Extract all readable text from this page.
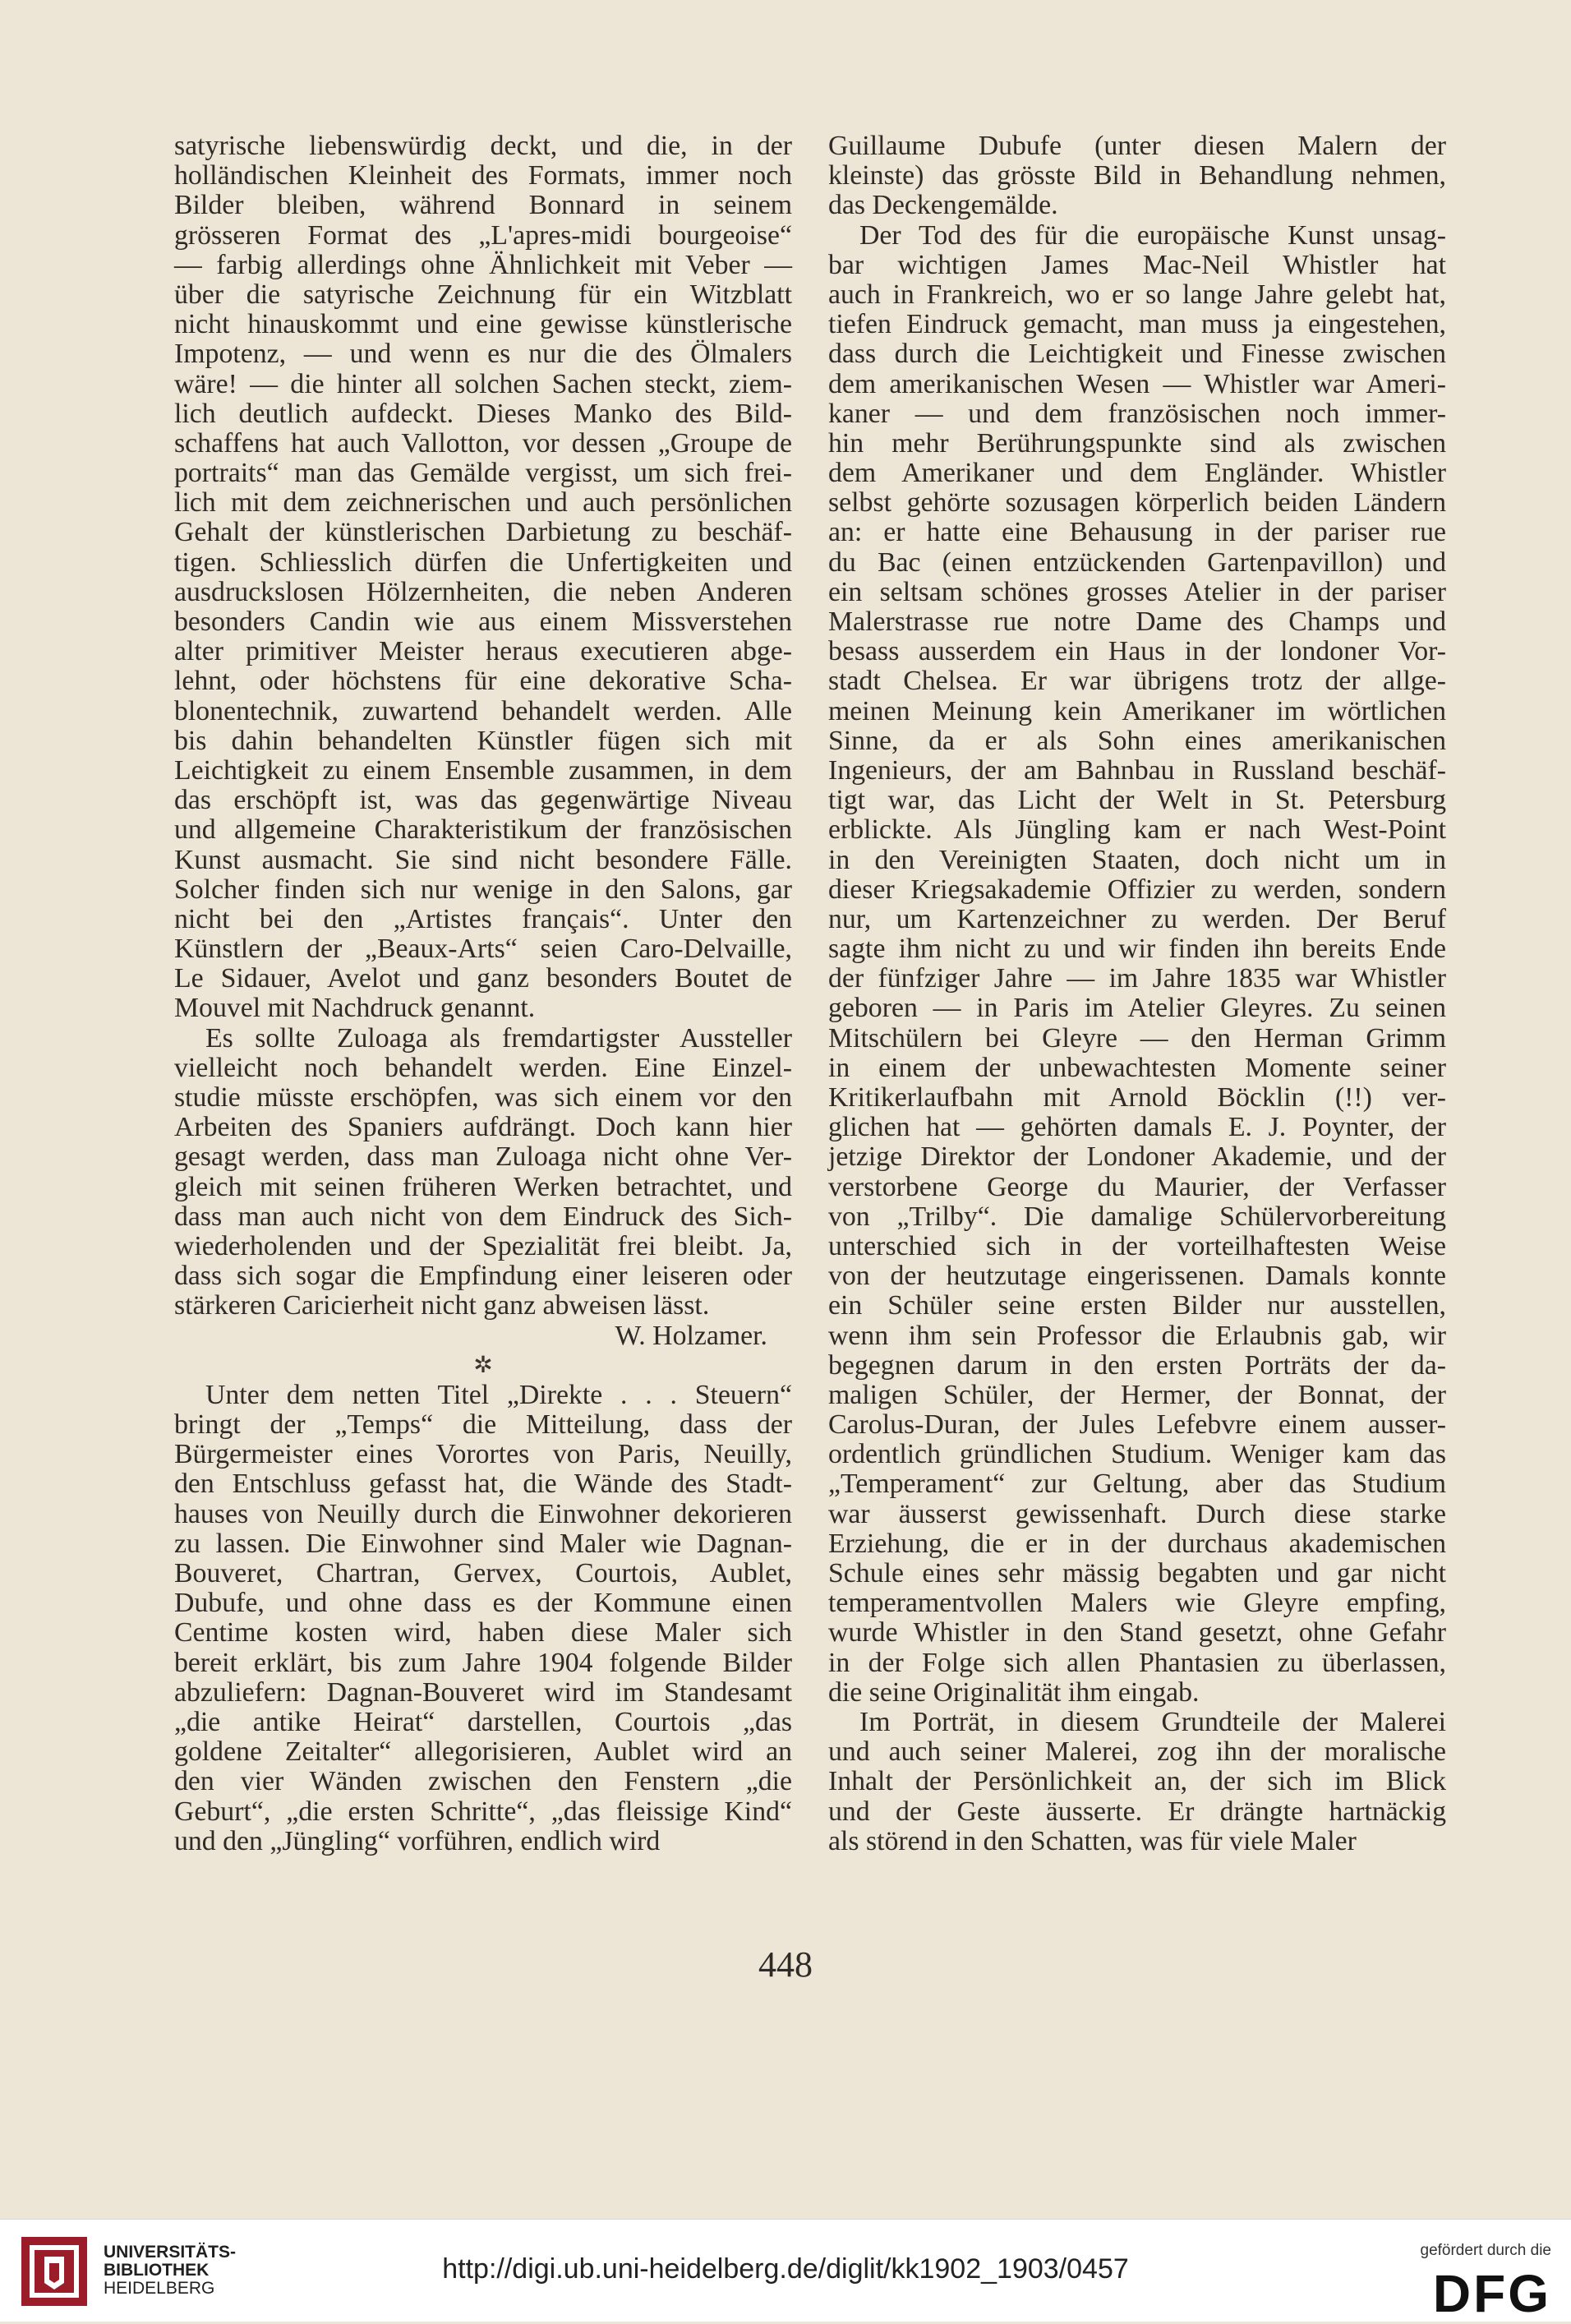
satyrische liebenswürdig deckt, und die, in der
holländischen Kleinheit des Formats, immer noch
Bilder bleiben, während Bonnard in seinem
grösseren Format des „L'apres-midi bourgeoise“
— farbig allerdings ohne Ähnlichkeit mit Veber —
über die satyrische Zeichnung für ein Witzblatt
nicht hinauskommt und eine gewisse künstlerische
Impotenz, — und wenn es nur die des Ölmalers
wäre! — die hinter all solchen Sachen steckt, ziem-
lich deutlich aufdeckt. Dieses Manko des Bild-
schaffens hat auch Vallotton, vor dessen „Groupe de
portraits“ man das Gemälde vergisst, um sich frei-
lich mit dem zeichnerischen und auch persönlichen
Gehalt der künstlerischen Darbietung zu beschäf-
tigen. Schliesslich dürfen die Unfertigkeiten und
ausdruckslosen Hölzernheiten, die neben Anderen
besonders Candin wie aus einem Missverstehen
alter primitiver Meister heraus executieren abge-
lehnt, oder höchstens für eine dekorative Scha-
blonentechnik, zuwartend behandelt werden. Alle
bis dahin behandelten Künstler fügen sich mit
Leichtigkeit zu einem Ensemble zusammen, in dem
das erschöpft ist, was das gegenwärtige Niveau
und allgemeine Charakteristikum der französischen
Kunst ausmacht. Sie sind nicht besondere Fälle.
Solcher finden sich nur wenige in den Salons, gar
nicht bei den „Artistes français“. Unter den
Künstlern der „Beaux-Arts“ seien Caro-Delvaille,
Le Sidauer, Avelot und ganz besonders Boutet de
Mouvel mit Nachdruck genannt.
Es sollte Zuloaga als fremdartigster Aussteller
vielleicht noch behandelt werden. Eine Einzel-
studie müsste erschöpfen, was sich einem vor den
Arbeiten des Spaniers aufdrängt. Doch kann hier
gesagt werden, dass man Zuloaga nicht ohne Ver-
gleich mit seinen früheren Werken betrachtet, und
dass man auch nicht von dem Eindruck des Sich-
wiederholenden und der Spezialität frei bleibt. Ja,
dass sich sogar die Empfindung einer leiseren oder
stärkeren Caricierheit nicht ganz abweisen lässt.
W. Holzamer.
✲
Unter dem netten Titel „Direkte . . . Steuern“
bringt der „Temps“ die Mitteilung, dass der
Bürgermeister eines Vorortes von Paris, Neuilly,
den Entschluss gefasst hat, die Wände des Stadt-
hauses von Neuilly durch die Einwohner dekorieren
zu lassen. Die Einwohner sind Maler wie Dagnan-
Bouveret, Chartran, Gervex, Courtois, Aublet,
Dubufe, und ohne dass es der Kommune einen
Centime kosten wird, haben diese Maler sich
bereit erklärt, bis zum Jahre 1904 folgende Bilder
abzuliefern: Dagnan-Bouveret wird im Standesamt
„die antike Heirat“ darstellen, Courtois „das
goldene Zeitalter“ allegorisieren, Aublet wird an
den vier Wänden zwischen den Fenstern „die
Geburt“, „die ersten Schritte“, „das fleissige Kind“
und den „Jüngling“ vorführen, endlich wird
Guillaume Dubufe (unter diesen Malern der
kleinste) das grösste Bild in Behandlung nehmen,
das Deckengemälde.
Der Tod des für die europäische Kunst unsag-
bar wichtigen James Mac-Neil Whistler hat
auch in Frankreich, wo er so lange Jahre gelebt hat,
tiefen Eindruck gemacht, man muss ja eingestehen,
dass durch die Leichtigkeit und Finesse zwischen
dem amerikanischen Wesen — Whistler war Ameri-
kaner — und dem französischen noch immer-
hin mehr Berührungspunkte sind als zwischen
dem Amerikaner und dem Engländer. Whistler
selbst gehörte sozusagen körperlich beiden Ländern
an: er hatte eine Behausung in der pariser rue
du Bac (einen entzückenden Gartenpavillon) und
ein seltsam schönes grosses Atelier in der pariser
Malerstrasse rue notre Dame des Champs und
besass ausserdem ein Haus in der londoner Vor-
stadt Chelsea. Er war übrigens trotz der allge-
meinen Meinung kein Amerikaner im wörtlichen
Sinne, da er als Sohn eines amerikanischen
Ingenieurs, der am Bahnbau in Russland beschäf-
tigt war, das Licht der Welt in St. Petersburg
erblickte. Als Jüngling kam er nach West-Point
in den Vereinigten Staaten, doch nicht um in
dieser Kriegsakademie Offizier zu werden, sondern
nur, um Kartenzeichner zu werden. Der Beruf
sagte ihm nicht zu und wir finden ihn bereits Ende
der fünfziger Jahre — im Jahre 1835 war Whistler
geboren — in Paris im Atelier Gleyres. Zu seinen
Mitschülern bei Gleyre — den Herman Grimm
in einem der unbewachtesten Momente seiner
Kritikerlaufbahn mit Arnold Böcklin (!!) ver-
glichen hat — gehörten damals E. J. Poynter, der
jetzige Direktor der Londoner Akademie, und der
verstorbene George du Maurier, der Verfasser
von „Trilby“. Die damalige Schülervorbereitung
unterschied sich in der vorteilhaftesten Weise
von der heutzutage eingerissenen. Damals konnte
ein Schüler seine ersten Bilder nur ausstellen,
wenn ihm sein Professor die Erlaubnis gab, wir
begegnen darum in den ersten Porträts der da-
maligen Schüler, der Hermer, der Bonnat, der
Carolus-Duran, der Jules Lefebvre einem ausser-
ordentlich gründlichen Studium. Weniger kam das
„Temperament“ zur Geltung, aber das Studium
war äusserst gewissenhaft. Durch diese starke
Erziehung, die er in der durchaus akademischen
Schule eines sehr mässig begabten und gar nicht
temperamentvollen Malers wie Gleyre empfing,
wurde Whistler in den Stand gesetzt, ohne Gefahr
in der Folge sich allen Phantasien zu überlassen,
die seine Originalität ihm eingab.
Im Porträt, in diesem Grundteile der Malerei
und auch seiner Malerei, zog ihn der moralische
Inhalt der Persönlichkeit an, der sich im Blick
und der Geste äusserte. Er drängte hartnäckig
als störend in den Schatten, was für viele Maler
448
UNIVERSITÄTS-
BIBLIOTHEK
HEIDELBERG
http://digi.ub.uni-heidelberg.de/diglit/kk1902_1903/0457
gefördert durch die
DFG
